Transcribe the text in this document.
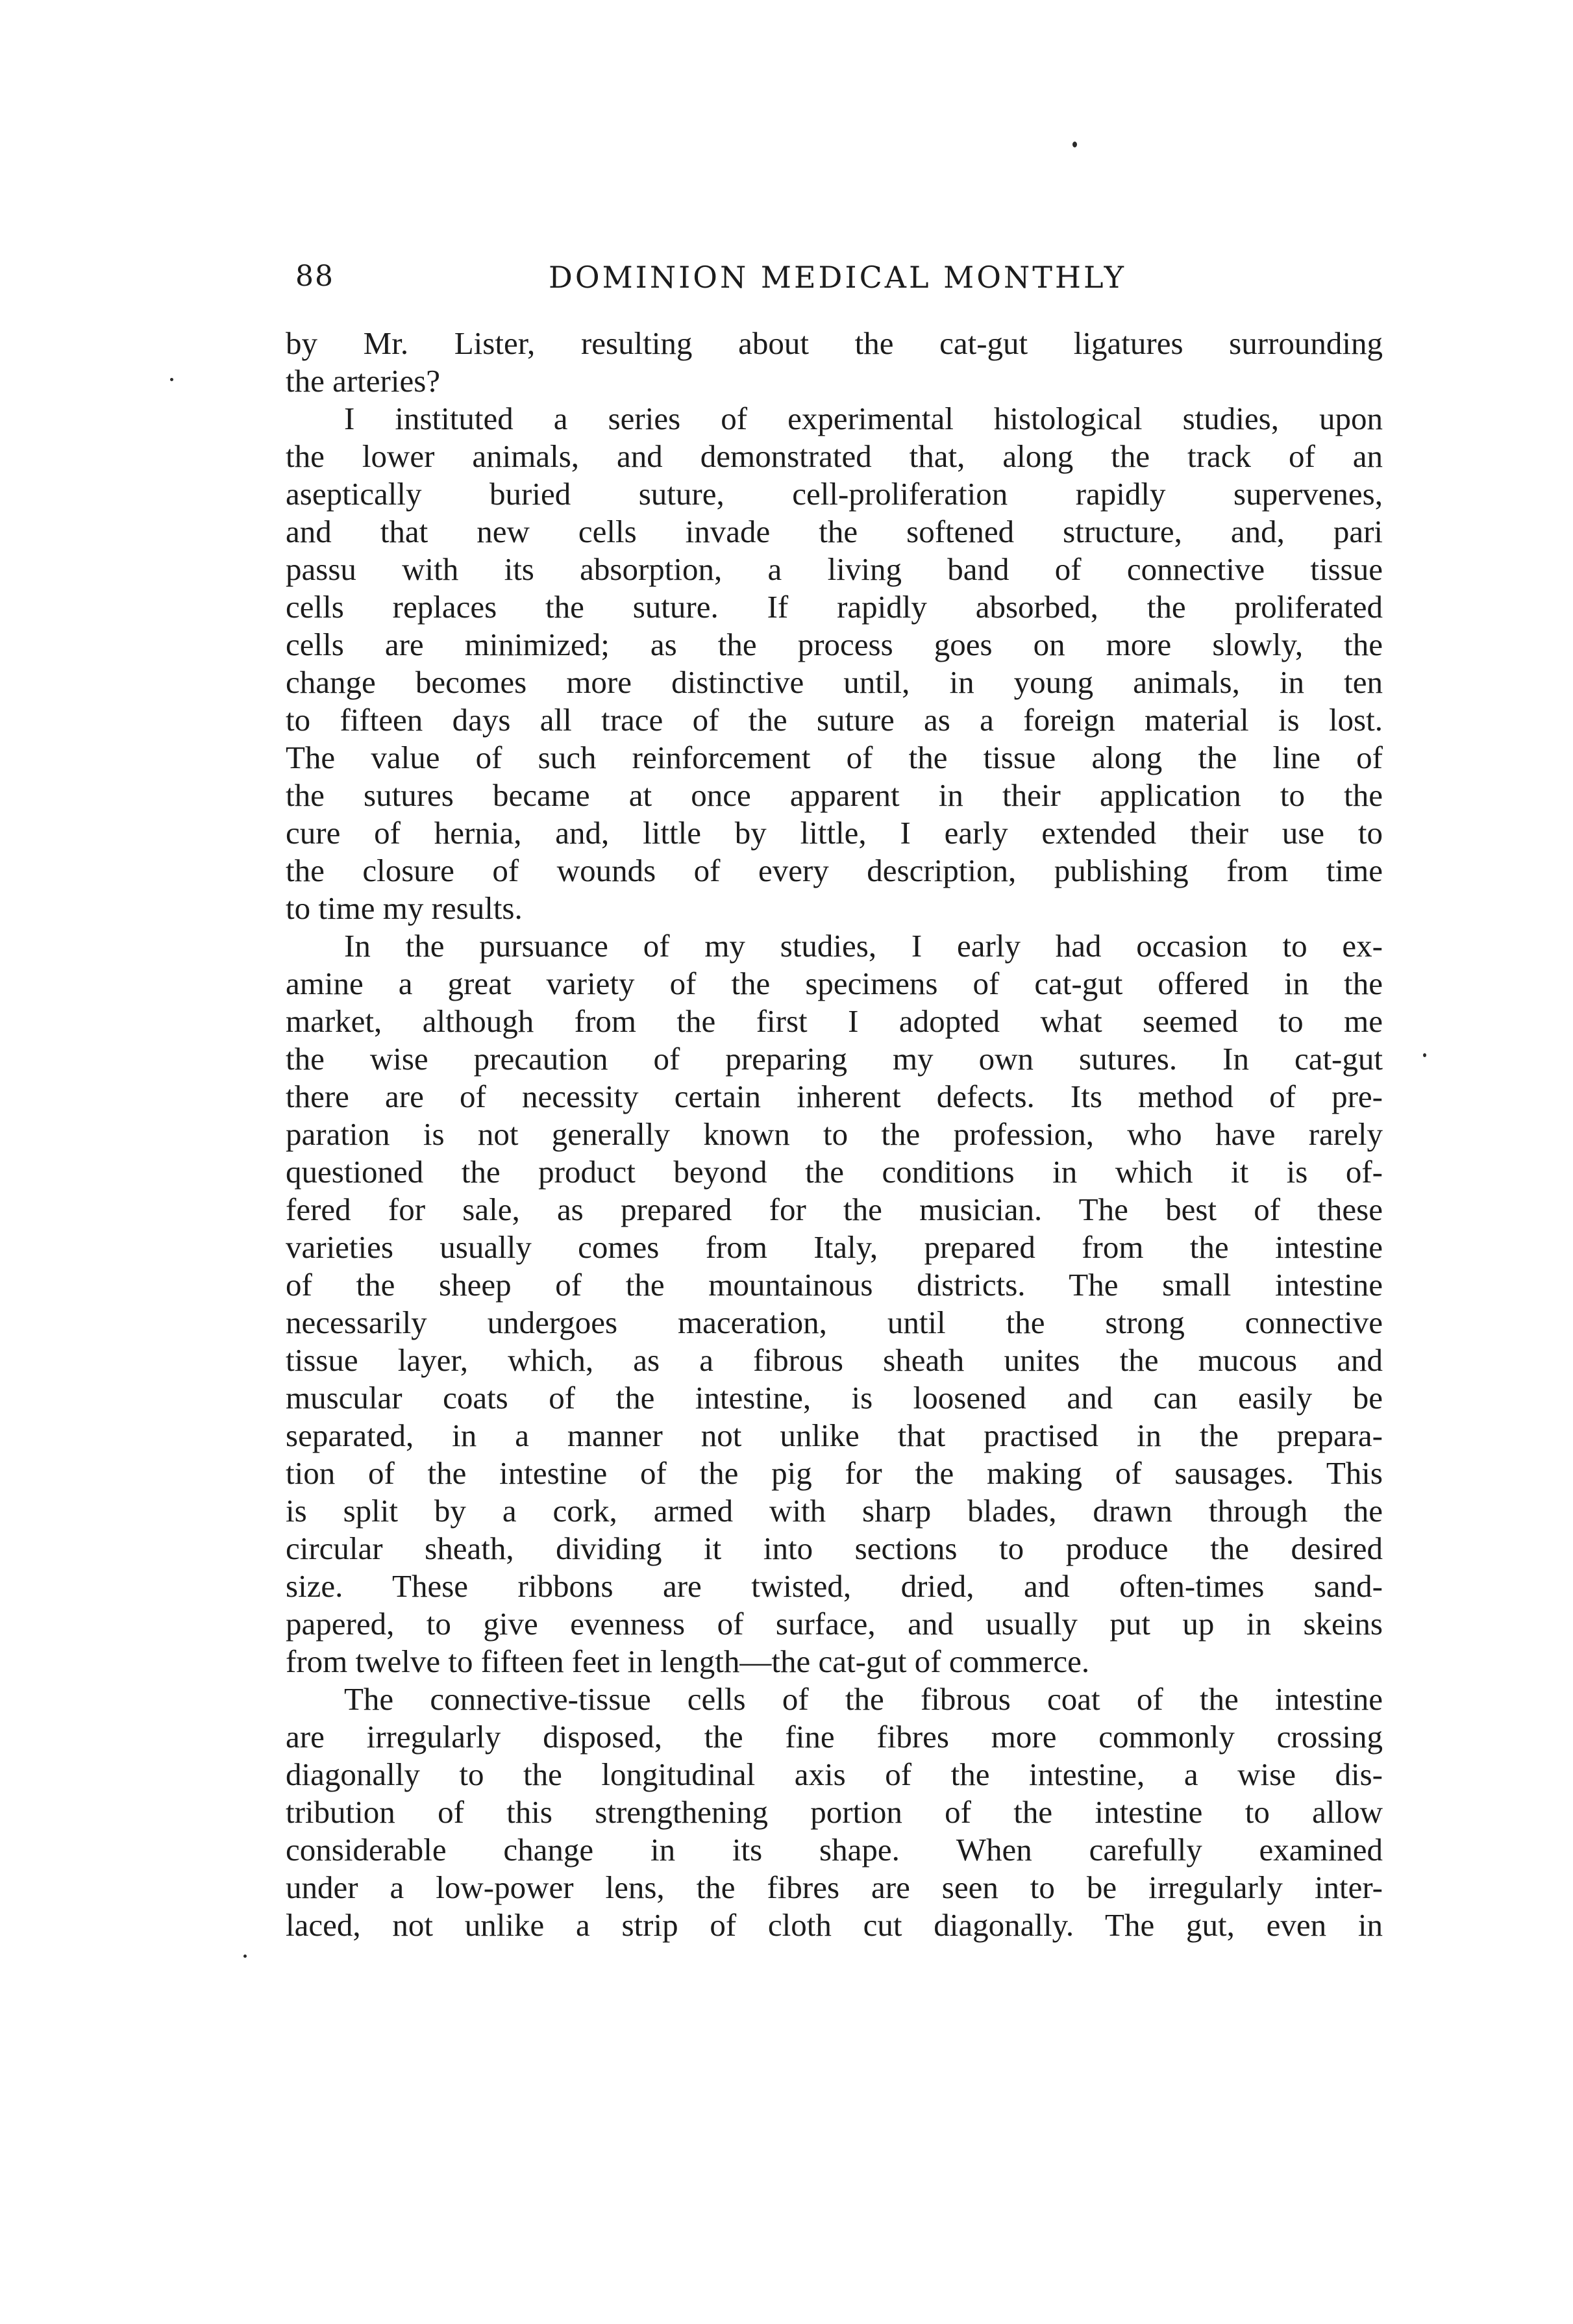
88	DOMINION MEDICAL MONTHLY
by Mr. Lister, resulting about the cat-gut ligatures surrounding
the arteries?
I instituted a series of experimental histological studies, upon
the lower animals, and demonstrated that, along the track of an
aseptically buried suture, cell-proliferation rapidly supervenes,
and that new cells invade the softened structure, and, pari
passu with its absorption, a living band of connective tissue
cells replaces the suture. If rapidly absorbed, the proliferated
cells are minimized; as the process goes on more slowly, the
change becomes more distinctive until, in young animals, in ten
to fifteen days all trace of the suture as a foreign material is lost.
The value of such reinforcement of the tissue along the line of
the sutures became at once apparent in their application to the
cure of hernia, and, little by little, I early extended their use to
the closure of wounds of every description, publishing from time
to time my results.
In the pursuance of my studies, I early had occasion to ex-
amine a great variety of the specimens of cat-gut offered in the
market, although from the first I adopted what seemed to me
the wise precaution of preparing my own sutures. In cat-gut
there are of necessity certain inherent defects. Its method of pre-
paration is not generally known to the profession, who have rarely
questioned the product beyond the conditions in which it is of-
fered for sale, as prepared for the musician. The best of these
varieties usually comes from Italy, prepared from the intestine
of the sheep of the mountainous districts. The small intestine
necessarily undergoes maceration, until the strong connective
tissue layer, which, as a fibrous sheath unites the mucous and
muscular coats of the intestine, is loosened and can easily be
separated, in a manner not unlike that practised in the prepara-
tion of the intestine of the pig for the making of sausages. This
is split by a cork, armed with sharp blades, drawn through the
circular sheath, dividing it into sections to produce the desired
size. These ribbons are twisted, dried, and often-times sand-
papered, to give evenness of surface, and usually put up in skeins
from twelve to fifteen feet in length—the cat-gut of commerce.
The connective-tissue cells of the fibrous coat of the intestine
are irregularly disposed, the fine fibres more commonly crossing
diagonally to the longitudinal axis of the intestine, a wise dis-
tribution of this strengthening portion of the intestine to allow
considerable change in its shape. When carefully examined
under a low-power lens, the fibres are seen to be irregularly inter-
laced, not unlike a strip of cloth cut diagonally. The gut, even in
